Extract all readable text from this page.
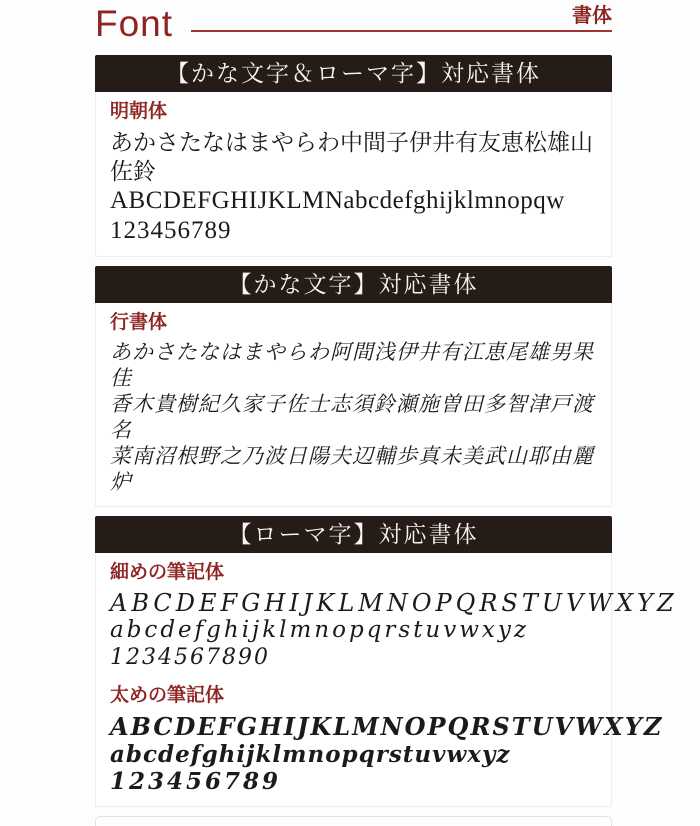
Font	書体
【かな文字＆ローマ字】対応書体
明朝体

あかさたなはまやらわ中間子伊井有友恵松雄山佐鈴

ABCDEFGHIJKLMNabcdefghijklmnopqw

123456789

【かな文字】対応書体
行書体

あかさたなはまやらわ阿間浅伊井有江恵尾雄男果佳

香木貴樹紀久家子佐士志須鈴瀬施曽田多智津戸渡名

菜南沼根野之乃波日陽夫辺輔歩真未美武山耶由麗炉

【ローマ字】対応書体
細めの筆記体

ABCDEFGHIJKLMNOPQRSTUVWXYZ

abcdefghijklmnopqrstuvwxyz

1234567890

太めの筆記体

ABCDEFGHIJKLMNOPQRSTUVWXYZ

abcdefghijklmnopqrstuvwxyz

123456789
